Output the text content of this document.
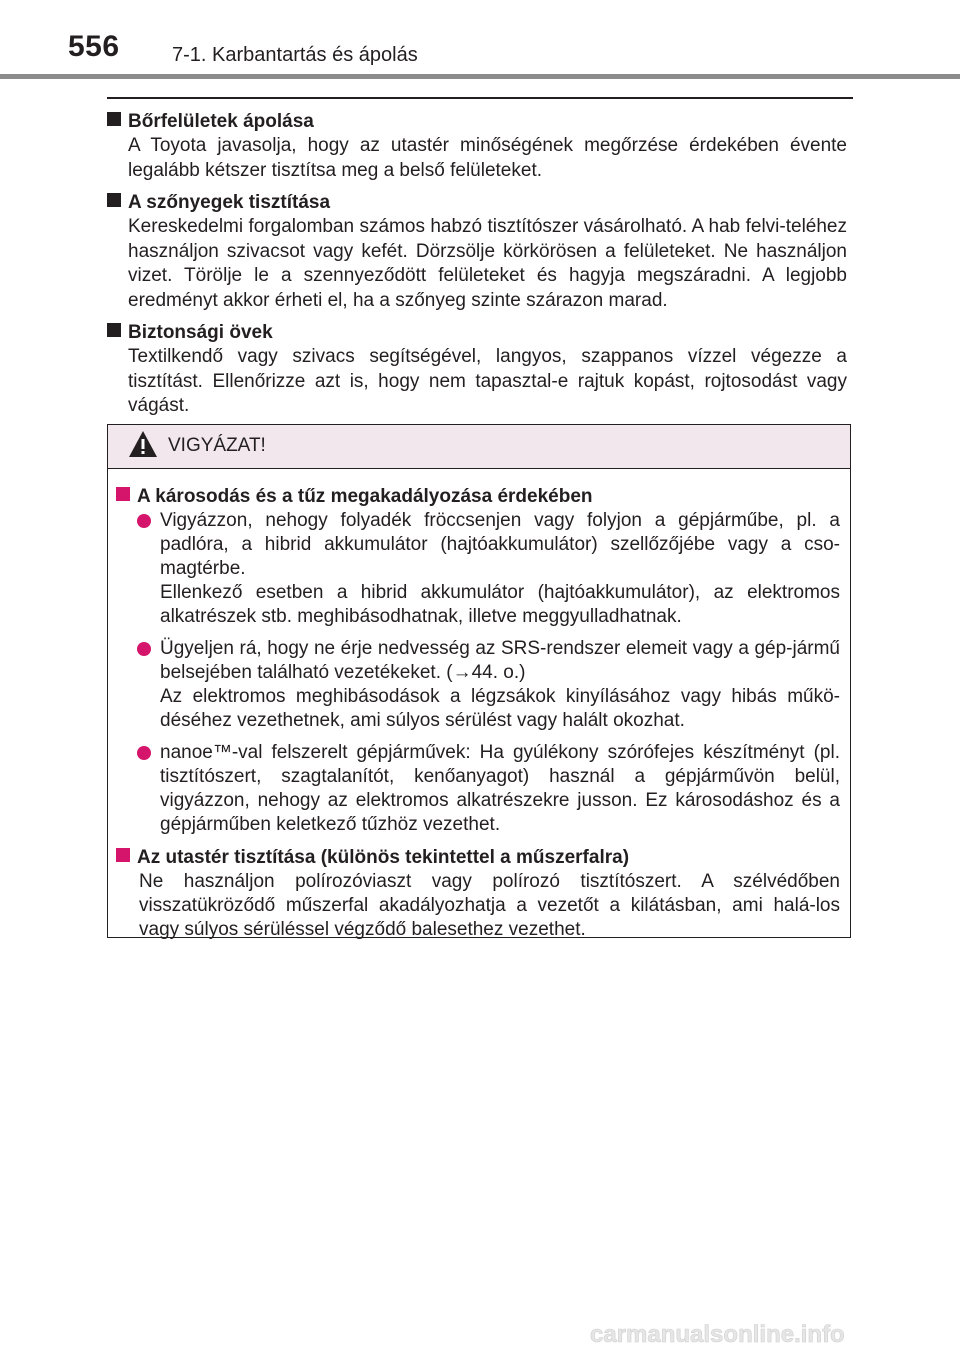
556	7-1. Karbantartás és ápolás
Bőrfelületek ápolása
A Toyota javasolja, hogy az utastér minőségének megőrzése érdekében évente legalább kétszer tisztítsa meg a belső felületeket.
A szőnyegek tisztítása
Kereskedelmi forgalomban számos habzó tisztítószer vásárolható. A hab felvi-teléhez használjon szivacsot vagy kefét. Dörzsölje körkörösen a felületeket. Ne használjon vizet. Törölje le a szennyeződött felületeket és hagyja megszáradni. A legjobb eredményt akkor érheti el, ha a szőnyeg szinte szárazon marad.
Biztonsági övek
Textilkendő vagy szivacs segítségével, langyos, szappanos vízzel végezze a tisztítást. Ellenőrizze azt is, hogy nem tapasztal-e rajtuk kopást, rojtosodást vagy vágást.
VIGYÁZAT!
A károsodás és a tűz megakadályozása érdekében
Vigyázzon, nehogy folyadék fröccsenjen vagy folyjon a gépjárműbe, pl. a padlóra, a hibrid akkumulátor (hajtóakkumulátor) szellőzőjébe vagy a cso-magtérbe.
Ellenkező esetben a hibrid akkumulátor (hajtóakkumulátor), az elektromos alkatrészek stb. meghibásodhatnak, illetve meggyulladhatnak.
Ügyeljen rá, hogy ne érje nedvesség az SRS-rendszer elemeit vagy a gép-jármű belsejében található vezetékeket. (→44. o.)
Az elektromos meghibásodások a légzsákok kinyílásához vagy hibás műkö-déséhez vezethetnek, ami súlyos sérülést vagy halált okozhat.
nanoe™-val felszerelt gépjárművek: Ha gyúlékony szórófejes készítményt (pl. tisztítószert, szagtalanítót, kenőanyagot) használ a gépjárművön belül, vigyázzon, nehogy az elektromos alkatrészekre jusson. Ez károsodáshoz és a gépjárműben keletkező tűzhöz vezethet.
Az utastér tisztítása (különös tekintettel a műszerfalra)
Ne használjon polírozóviaszt vagy polírozó tisztítószert. A szélvédőben visszatükröződő műszerfal akadályozhatja a vezetőt a kilátásban, ami halá-los vagy súlyos sérüléssel végződő balesethez vezethet.
carmanualsonline.info
